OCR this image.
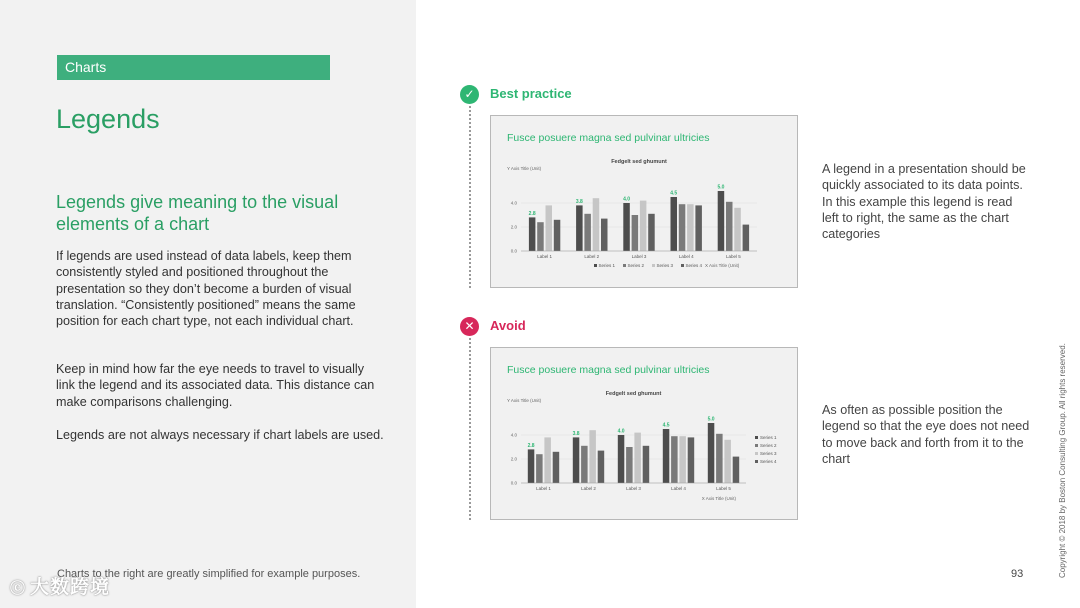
Charts
Legends
Legends give meaning to the visual elements of a chart
If legends are used instead of data labels, keep them consistently styled and positioned throughout the presentation so they don’t become a burden of visual translation. “Consistently positioned” means the same position for each chart type, not each individual chart.
Keep in mind how far the eye needs to travel to visually link the legend and its associated data. This distance can make comparisons challenging.
Legends are not always necessary if chart labels are used.
Charts to the right are greatly simplified for example purposes.
ⓒ 大数跨境
✓	Best practice
✕	Avoid
Fusce posuere magna sed pulvinar ultricies
Fedgelt sed ghumunt
Y Axis Title (Unit)
0.0
2.0
4.0
2.8
Label 1
3.8
Label 2
4.0
Label 3
4.5
Label 4
5.0
Label 5
Series 1	Series 2	Series 3	Series 4 X Axis Title (Unit)
Fusce posuere magna sed pulvinar ultricies
Fedgelt sed ghumunt
Y Axis Title (Unit)
0.0
2.0
4.0
2.8
Label 1
3.8
Label 2
4.0
Label 3
4.5
Label 4
5.0
Label 5
X Axis Title (Unit)
Series 1
Series 2
Series 3
Series 4
A legend in a presentation should be quickly associated to its data points. In this example this legend is read left to right, the same as the chart categories
As often as possible position the legend so that the eye does not need to move back and forth from it to the chart
93	Copyright © 2018 by Boston Consulting Group. All rights reserved.
